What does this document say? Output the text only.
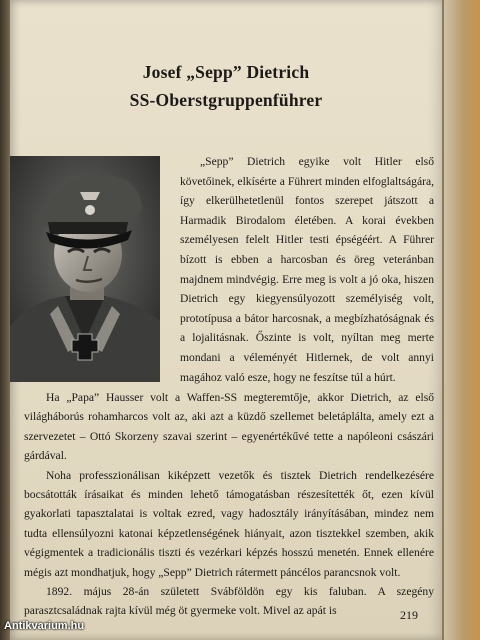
Josef „Sepp” Dietrich
SS-Oberstgruppenführer

„Sepp” Dietrich egyike volt Hitler első követőinek, elkísérte a Führert minden elfoglaltságára, így elkerülhetetlenül fontos szerepet játszott a Harmadik Birodalom életében. A korai években személyesen felelt Hitler testi épségéért. A Führer bízott is ebben a harcosban és öreg veteránban majdnem mindvégig. Erre meg is volt a jó oka, hiszen Dietrich egy kiegyensúlyozott személyiség volt, prototípusa a bátor harcosnak, a megbízhatóságnak és a lojalitásnak. Őszinte is volt, nyíltan meg merte mondani a véleményét Hitlernek, de volt annyi magához való esze, hogy ne feszítse túl a húrt.

Ha „Papa” Hausser volt a Waffen-SS megteremtője, akkor Dietrich, az első világháborús rohamharcos volt az, aki azt a küzdő szellemet beletáplálta, amely ezt a szervezetet – Ottó Skorzeny szavai szerint – egyenértékűvé tette a napóleoni császári gárdával.

Noha professzionálisan kiképzett vezetők és tisztek Dietrich rendelkezésére bocsátották írásaikat és minden lehető támogatásban részesítették őt, ezen kívül gyakorlati tapasztalatai is voltak ezred, vagy hadosztály irányításában, mindez nem tudta ellensúlyozni katonai képzetlenségének hiányait, azon tisztekkel szemben, akik végigmentek a tradicionális tiszti és vezérkari képzés hosszú menetén. Ennek ellenére mégis azt mondhatjuk, hogy „Sepp” Dietrich rátermett páncélos parancsnok volt.

1892. május 28-án született Svábföldön egy kis faluban. A szegény parasztcsaládnak rajta kívül még öt gyermeke volt. Mivel az apát is	219

Antikvarium.hu
